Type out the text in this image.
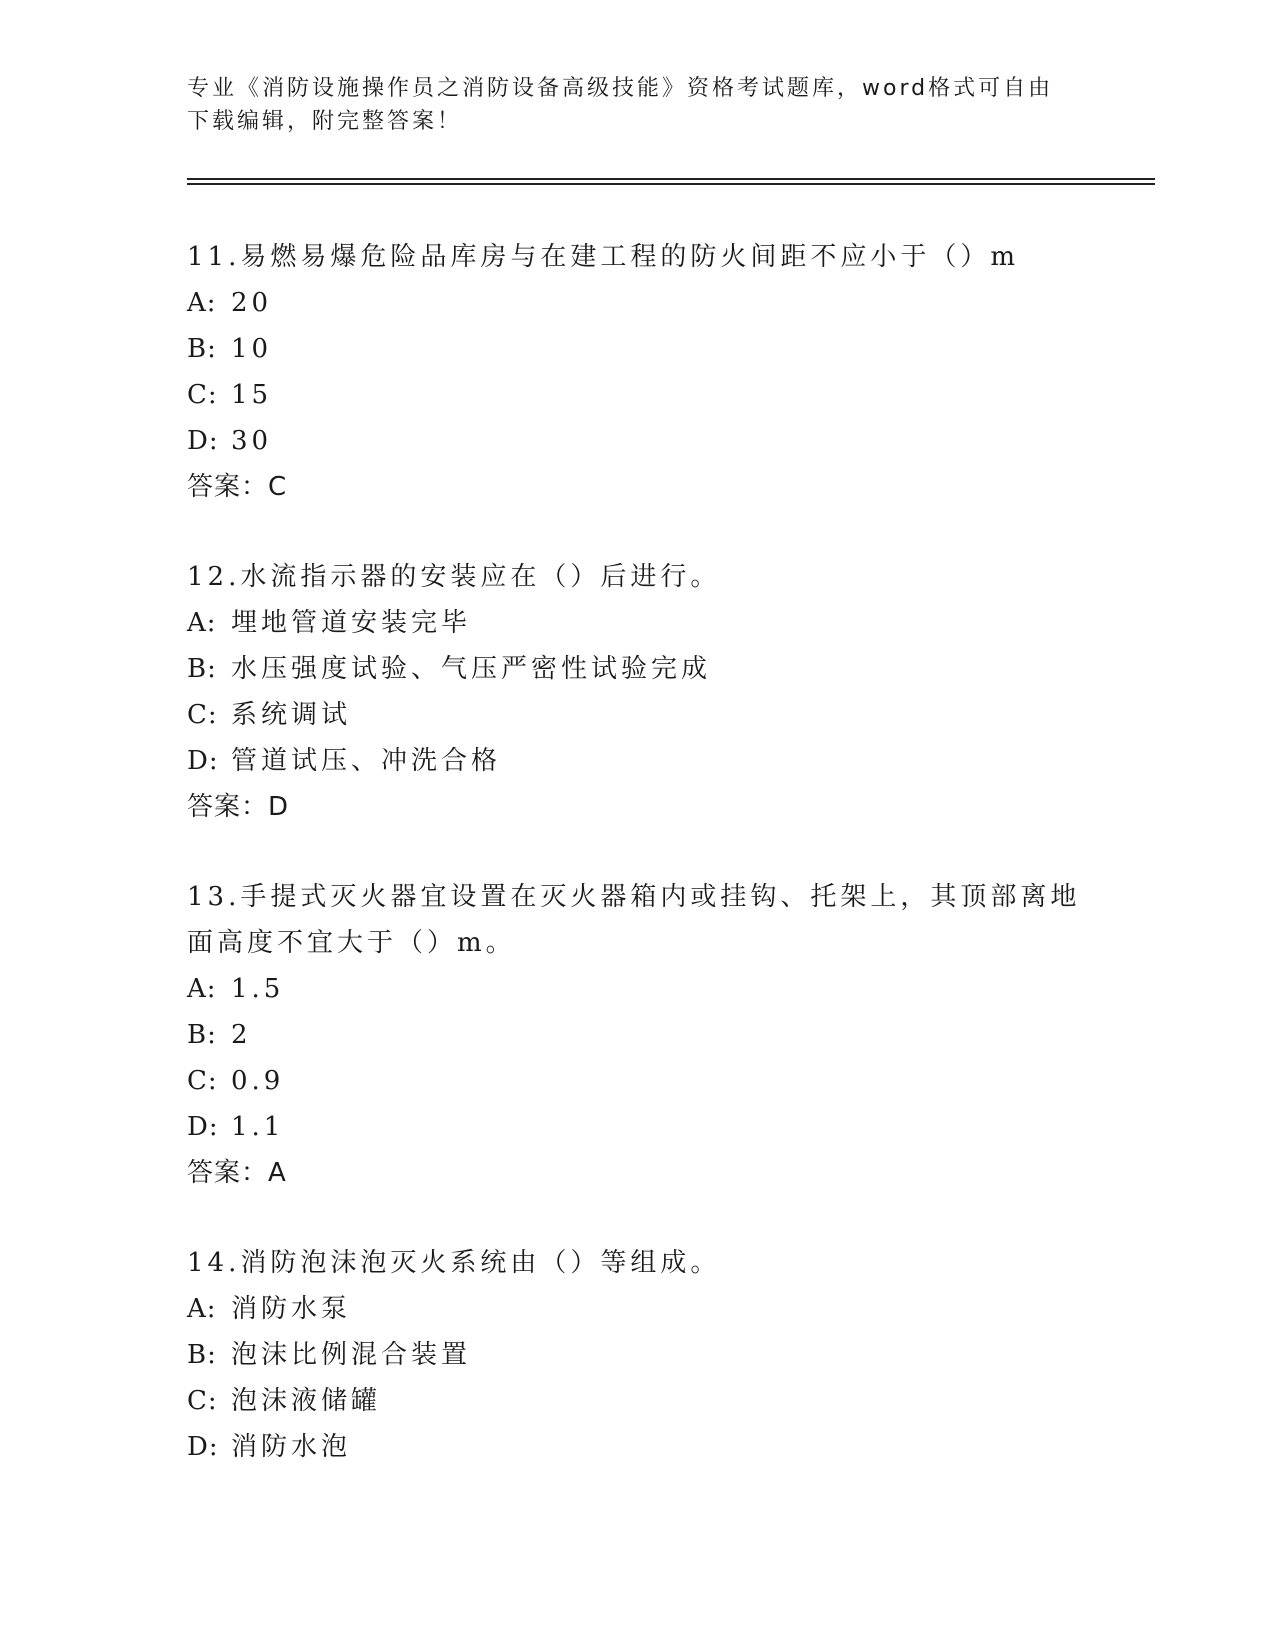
专业《消防设施操作员之消防设备高级技能》资格考试题库，word格式可自由下载编辑，附完整答案！
11.易燃易爆危险品库房与在建工程的防火间距不应小于（）m
A: 20
B: 10
C: 15
D: 30
答案：C
12.水流指示器的安装应在（）后进行。
A: 埋地管道安装完毕
B: 水压强度试验、气压严密性试验完成
C: 系统调试
D: 管道试压、冲洗合格
答案：D
13.手提式灭火器宜设置在灭火器箱内或挂钩、托架上，其顶部离地面高度不宜大于（）m。
A: 1.5
B: 2
C: 0.9
D: 1.1
答案：A
14.消防泡沫泡灭火系统由（）等组成。
A: 消防水泵
B: 泡沫比例混合装置
C: 泡沫液储罐
D: 消防水泡
